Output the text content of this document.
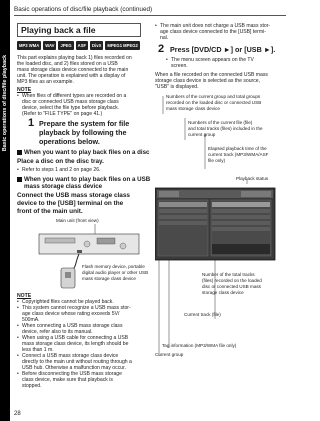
Basic operations of disc/file playback
Basic operations of disc/file playback (continued)
Playing back a file
MP3 WMA	WAV	JPEG	ASF	DivX	MPEG1 MPEG2
This part explains playing back 1) files recorded on
the loaded disc, and 2) files stored on a USB
mass storage class device connected to the main
unit. The operation is explained with a display of
MP3 files as an example.
NOTE
• When files of different types are recorded on a
disc or connected USB mass storage class
device, select the file type before playback.
(Refer to "FILE TYPE" on page 41.)
1 Prepare the system for file
playback by following the
operations below.
When you want to play back files on a disc
Place a disc on the disc tray.
• Refer to steps 1 and 2 on page 26.
When you want to play back files on a USB
mass storage class device
Connect the USB mass storage class
device to the [USB] terminal on the
front of the main unit.
Main unit (front view)
Flash memory device, portable
digital audio player or other USB
mass storage class device
NOTE
• Copyrighted files cannot be played back.
• This system cannot recognize a USB mass stor-
age class device whose rating exceeds 5V/
500mA.
• When connecting a USB mass storage class
device, refer also to its manual.
• When using a USB cable for connecting a USB
mass storage class device, its length should be
less than 1 m.
• Connect a USB mass storage class device
directly to the main unit without routing through a
USB hub. Otherwise a malfunction may occur.
• Before disconnecting the USB mass storage
class device, make sure that playback is
stopped.
• The main unit does not charge a USB mass stor-
age class device connected to the [USB] termi-
nal.
2 Press [DVD/CD ►] or [USB ►].
• The menu screen appears on the TV
screen.
When a file recorded on the connected USB mass
storage class device is selected as the source,
"USB" is displayed.
Numbers of the current group and total groups
recorded on the loaded disc or connected USB
mass storage class device
Numbers of the current file (file)
and total tracks (files) included in the
current group
Elapsed playback time of the
current track (MP3/WMA/ASF
file only)
Playback status
Number of the total tracks
(files) recorded on the loaded
disc or connected USB mass
storage class device
Current track (file)
Tag information (MP3/WMA file only)
Current group
28
